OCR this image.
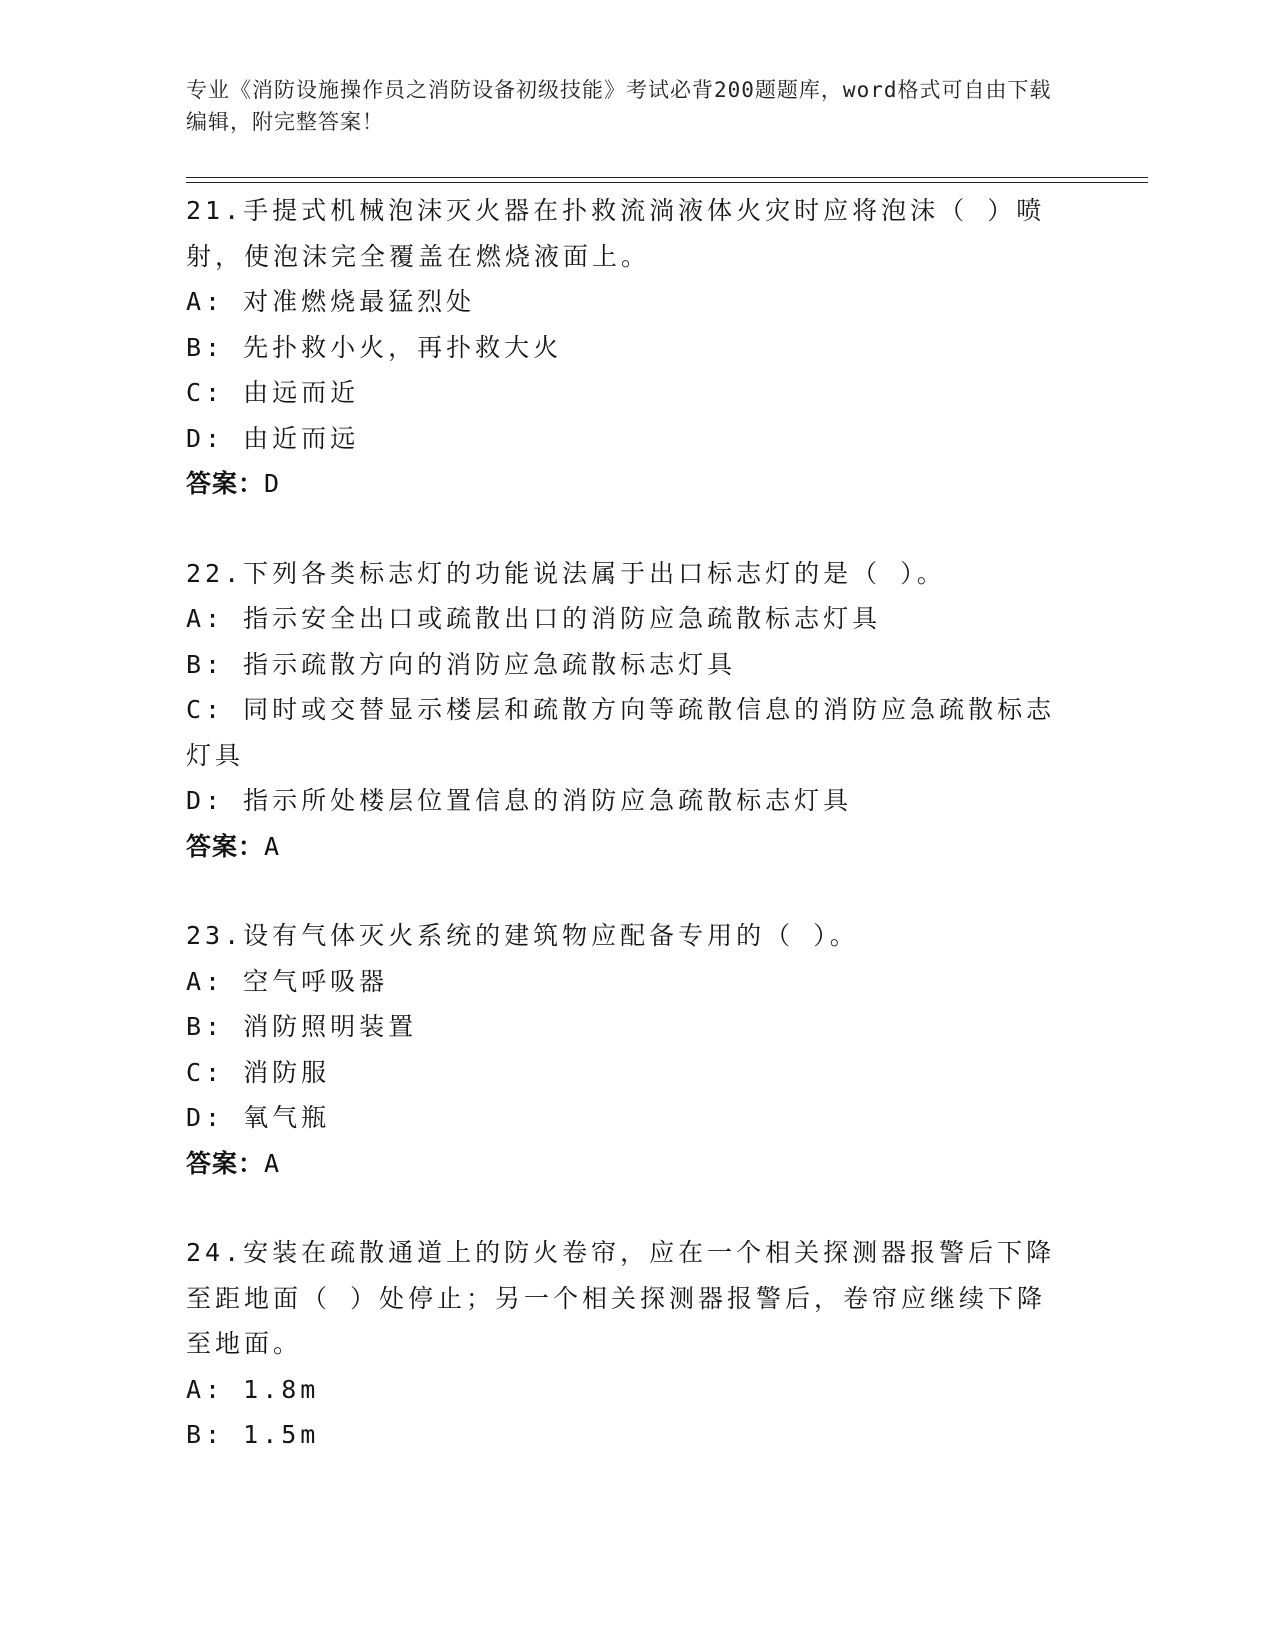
专业《消防设施操作员之消防设备初级技能》考试必背200题题库，word格式可自由下载编辑，附完整答案！

21.手提式机械泡沫灭火器在扑救流淌液体火灾时应将泡沫（ ）喷射，使泡沫完全覆盖在燃烧液面上。

A: 对准燃烧最猛烈处

B: 先扑救小火，再扑救大火

C: 由远而近

D: 由近而远

答案：D

22.下列各类标志灯的功能说法属于出口标志灯的是（ ）。

A: 指示安全出口或疏散出口的消防应急疏散标志灯具

B: 指示疏散方向的消防应急疏散标志灯具

C: 同时或交替显示楼层和疏散方向等疏散信息的消防应急疏散标志灯具

D: 指示所处楼层位置信息的消防应急疏散标志灯具

答案：A

23.设有气体灭火系统的建筑物应配备专用的（ ）。

A: 空气呼吸器

B: 消防照明装置

C: 消防服

D: 氧气瓶

答案：A

24.安装在疏散通道上的防火卷帘，应在一个相关探测器报警后下降至距地面（ ）处停止；另一个相关探测器报警后，卷帘应继续下降至地面。

A: 1.8m

B: 1.5m
